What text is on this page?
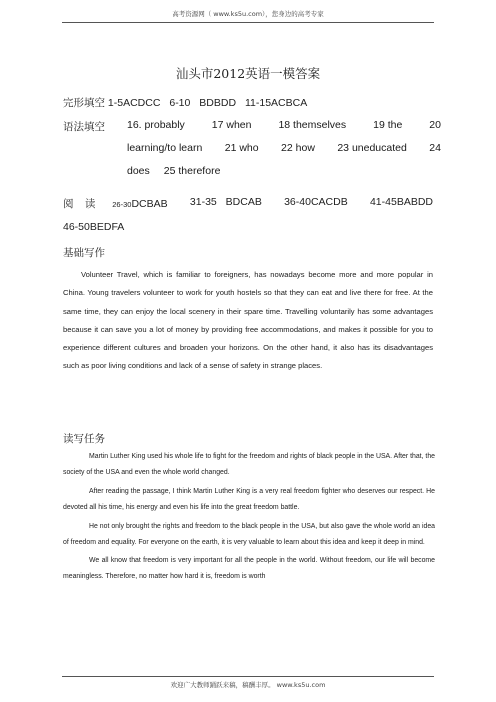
高考资源网（ www.ks5u.com），您身边的高考专家
汕头市2012英语一模答案
完形填空 1-5ACDCC 6-10 BDBDD 11-15ACBCA
语法填空 16. probably	17 when	18 themselves	19 the	20
learning/to learn 21 who 22 how 23 uneducated 24
does 25 therefore
阅 读 26-30DCBAB 31-35 BDCAB 36-40CACDB 41-45BABDD
46-50BEDFA
基础写作

Volunteer Travel, which is familiar to foreigners, has nowadays become more and more popular in China. Young travelers volunteer to work for youth hostels so that they can eat and live there for free. At the same time, they can enjoy the local scenery in their spare time. Travelling voluntarily has some advantages because it can save you a lot of money by providing free accommodations, and makes it possible for you to experience different cultures and broaden your horizons. On the other hand, it also has its disadvantages such as poor living conditions and lack of a sense of safety in strange places.

读写任务

Martin Luther King used his whole life to fight for the freedom and rights of black people in the USA. After that, the society of the USA and even the whole world changed.

After reading the passage, I think Martin Luther King is a very real freedom fighter who deserves our respect. He devoted all his time, his energy and even his life into the great freedom battle.

He not only brought the rights and freedom to the black people in the USA, but also gave the whole world an idea of freedom and equality. For everyone on the earth, it is very valuable to learn about this idea and keep it deep in mind.

We all know that freedom is very important for all the people in the world. Without freedom, our life will become meaningless. Therefore, no matter how hard it is, freedom is worth

欢迎广大教师踊跃来稿，稿酬丰厚。 www.ks5u.com
